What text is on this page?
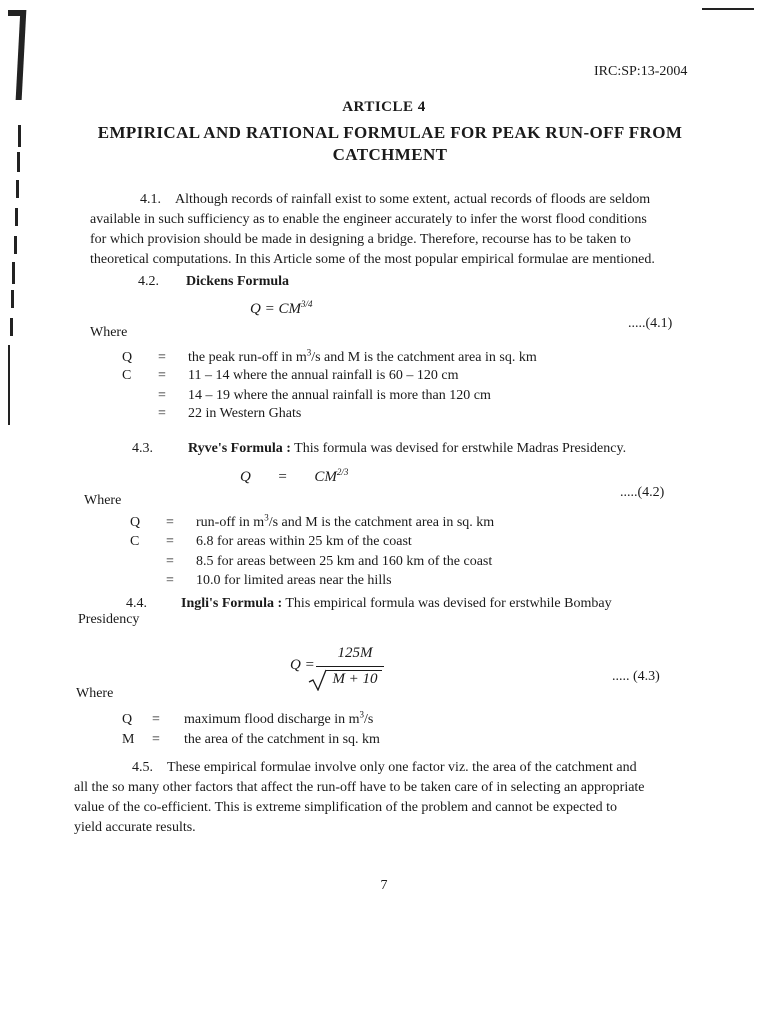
IRC:SP:13-2004
ARTICLE 4
EMPIRICAL AND RATIONAL FORMULAE FOR PEAK RUN-OFF FROM CATCHMENT
4.1. Although records of rainfall exist to some extent, actual records of floods are seldom
available in such sufficiency as to enable the engineer accurately to infer the worst flood conditions
for which provision should be made in designing a bridge. Therefore, recourse has to be taken to
theoretical computations. In this Article some of the most popular empirical formulae are mentioned.
4.2. Dickens Formula
$Q = CM^{3/4}$
.....(4.1)
Where
Q = the peak run-off in $m^3/s$ and M is the catchment area in sq. km
C = 11 – 14 where the annual rainfall is 60 – 120 cm
= 14 – 19 where the annual rainfall is more than 120 cm
= 22 in Western Ghats
4.3.	Ryve's Formula : This formula was devised for erstwhile Madras Presidency.
$Q = CM^{2/3}$
.....(4.2)
Where
Q = run-off in $m^3/s$ and M is the catchment area in sq. km
C = 6.8 for areas within 25 km of the coast
= 8.5 for areas between 25 km and 160 km of the coast
= 10.0 for limited areas near the hills
4.4. Ingli's Formula : This empirical formula was devised for erstwhile Bombay
Presidency
Q =
125M
M + 10	..... (4.3)
Where
Q = maximum flood discharge in $m^3/s$
M = the area of the catchment in sq. km
4.5. These empirical formulae involve only one factor viz. the area of the catchment and
all the so many other factors that affect the run-off have to be taken care of in selecting an appropriate
value of the co-efficient. This is extreme simplification of the problem and cannot be expected to
yield accurate results.
7
